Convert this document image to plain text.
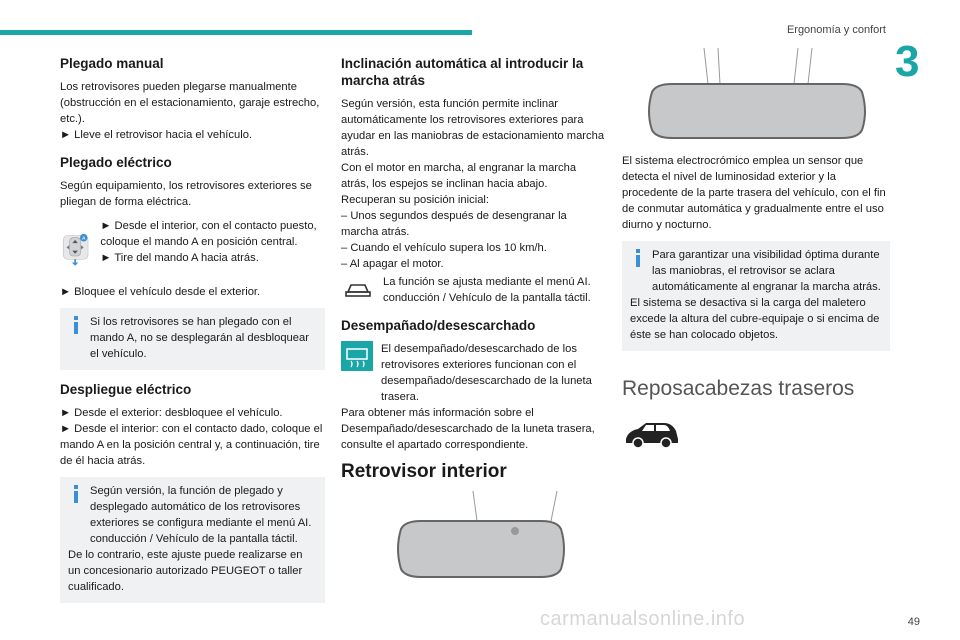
Ergonomía y confort
3
Plegado manual

Los retrovisores pueden plegarse manualmente (obstrucción en el estacionamiento, garaje estrecho, etc.).

► Lleve el retrovisor hacia el vehículo.

Plegado eléctrico

Según equipamiento, los retrovisores exteriores se pliegan de forma eléctrica.

A

► Desde el interior, con el contacto puesto, coloque el mando A en posición central.

► Tire del mando A hacia atrás.

► Bloquee el vehículo desde el exterior.

Si los retrovisores se han plegado con el mando A, no se desplegarán al desbloquear el vehículo.

Despliegue eléctrico

► Desde el exterior: desbloquee el vehículo.

► Desde el interior: con el contacto dado, coloque el mando A en la posición central y, a continuación, tire de él hacia atrás.

Según versión, la función de plegado y desplegado automático de los retrovisores exteriores se configura mediante el menú AI. conducción / Vehículo de la pantalla táctil.

De lo contrario, este ajuste puede realizarse en un concesionario autorizado PEUGEOT o taller cualificado.

Inclinación automática al introducir la marcha atrás

Según versión, esta función permite inclinar automáticamente los retrovisores exteriores para ayudar en las maniobras de estacionamiento marcha atrás.

Con el motor en marcha, al engranar la marcha atrás, los espejos se inclinan hacia abajo.

Recuperan su posición inicial:

– Unos segundos después de desengranar la marcha atrás.

– Cuando el vehículo supera los 10 km/h.

– Al apagar el motor.

La función se ajusta mediante el menú AI. conducción / Vehículo de la pantalla táctil.

Desempañado/desescarchado

El desempañado/desescarchado de los retrovisores exteriores funcionan con el desempañado/desescarchado de la luneta trasera.

Para obtener más información sobre el Desempañado/desescarchado de la luneta trasera, consulte el apartado correspondiente.

Retrovisor interior

El sistema electrocrómico emplea un sensor que detecta el nivel de luminosidad exterior y la procedente de la parte trasera del vehículo, con el fin de conmutar automática y gradualmente entre el uso diurno y nocturno.

Para garantizar una visibilidad óptima durante las maniobras, el retrovisor se aclara automáticamente al engranar la marcha atrás.

El sistema se desactiva si la carga del maletero excede la altura del cubre-equipaje o si encima de éste se han colocado objetos.

Reposacabezas traseros
carmanualsonline.info	49
